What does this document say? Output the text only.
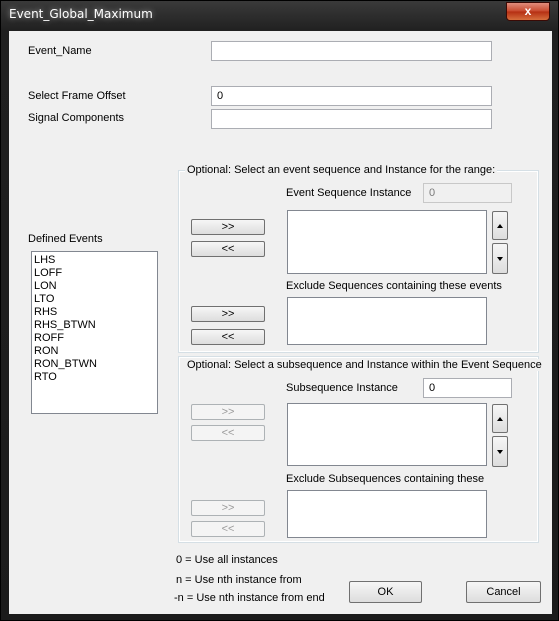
Event_Global_Maximum	x
Event_Name
Select Frame Offset	0
Signal Components
Defined Events
LHS
LOFF
LON
LTO
RHS
RHS_BTWN
ROFF
RON
RON_BTWN
RTO
Optional: Select an event sequence and Instance for the range:
Event Sequence Instance	0
>>
<<
Exclude Sequences containing these events
>>
<<
Optional: Select a subsequence and Instance within the Event Sequence
Subsequence Instance	0
>>
<<
Exclude Subsequences containing these
>>
<<
0 = Use all instances
n = Use nth instance from
-n = Use nth instance from end	OK	Cancel
